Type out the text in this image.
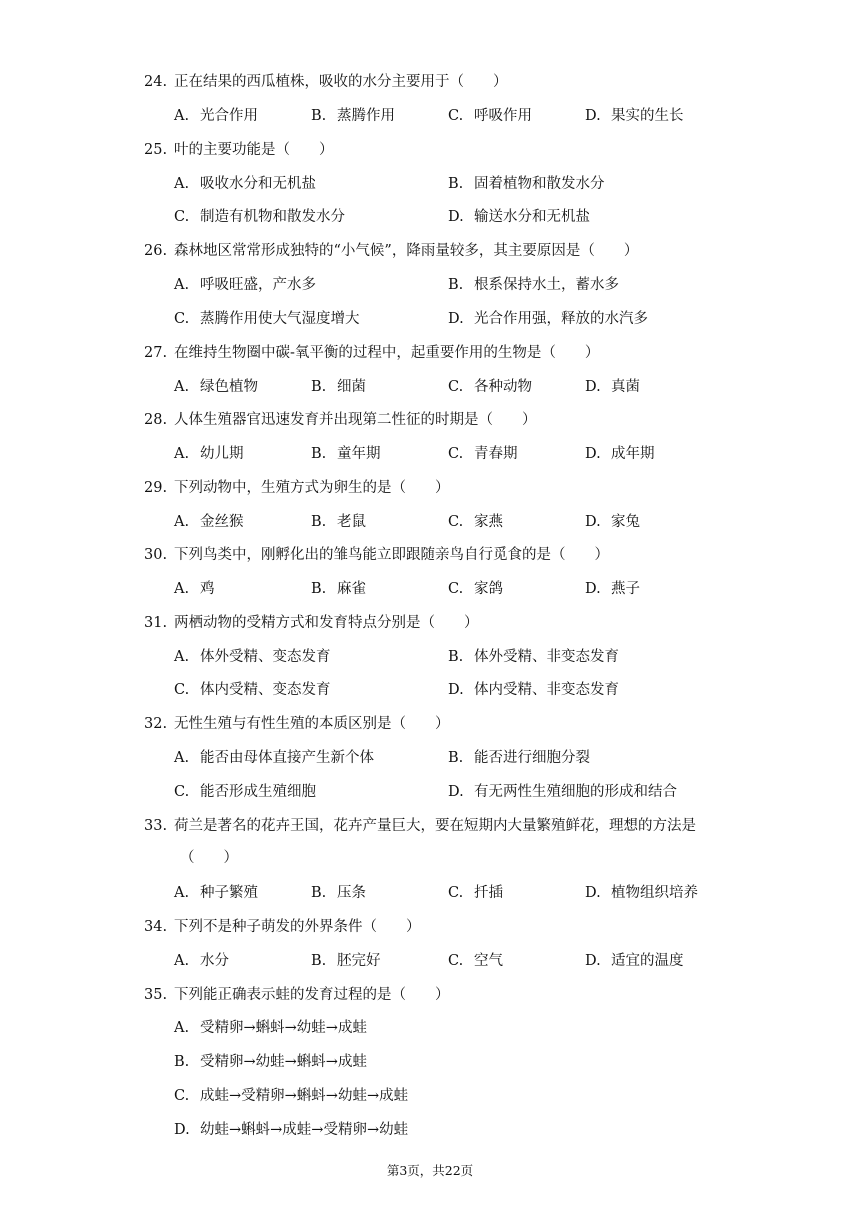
24. 正在结果的西瓜植株，吸收的水分主要用于（　　）
A. 光合作用	B. 蒸腾作用	C. 呼吸作用	D. 果实的生长
25. 叶的主要功能是（　　）
A. 吸收水分和无机盐	B. 固着植物和散发水分
C. 制造有机物和散发水分	D. 输送水分和无机盐
26. 森林地区常常形成独特的“小气候”，降雨量较多，其主要原因是（　　）
A. 呼吸旺盛，产水多	B. 根系保持水土，蓄水多
C. 蒸腾作用使大气湿度增大	D. 光合作用强，释放的水汽多
27. 在维持生物圈中碳-氧平衡的过程中，起重要作用的生物是（　　）
A. 绿色植物	B. 细菌	C. 各种动物	D. 真菌
28. 人体生殖器官迅速发育并出现第二性征的时期是（　　）
A. 幼儿期	B. 童年期	C. 青春期	D. 成年期
29. 下列动物中，生殖方式为卵生的是（　　）
A. 金丝猴	B. 老鼠	C. 家燕	D. 家兔
30. 下列鸟类中，刚孵化出的雏鸟能立即跟随亲鸟自行觅食的是（　　）
A. 鸡	B. 麻雀	C. 家鸽	D. 燕子
31. 两栖动物的受精方式和发育特点分别是（　　）
A. 体外受精、变态发育	B. 体外受精、非变态发育
C. 体内受精、变态发育	D. 体内受精、非变态发育
32. 无性生殖与有性生殖的本质区别是（　　）
A. 能否由母体直接产生新个体	B. 能否进行细胞分裂
C. 能否形成生殖细胞	D. 有无两性生殖细胞的形成和结合
33. 荷兰是著名的花卉王国，花卉产量巨大，要在短期内大量繁殖鲜花，理想的方法是
（　　）
A. 种子繁殖	B. 压条	C. 扦插	D. 植物组织培养
34. 下列不是种子萌发的外界条件（　　）
A. 水分	B. 胚完好	C. 空气	D. 适宜的温度
35. 下列能正确表示蛙的发育过程的是（　　）
A. 受精卵→蝌蚪→幼蛙→成蛙
B. 受精卵→幼蛙→蝌蚪→成蛙
C. 成蛙→受精卵→蝌蚪→幼蛙→成蛙
D. 幼蛙→蝌蚪→成蛙→受精卵→幼蛙
第3页，共22页
